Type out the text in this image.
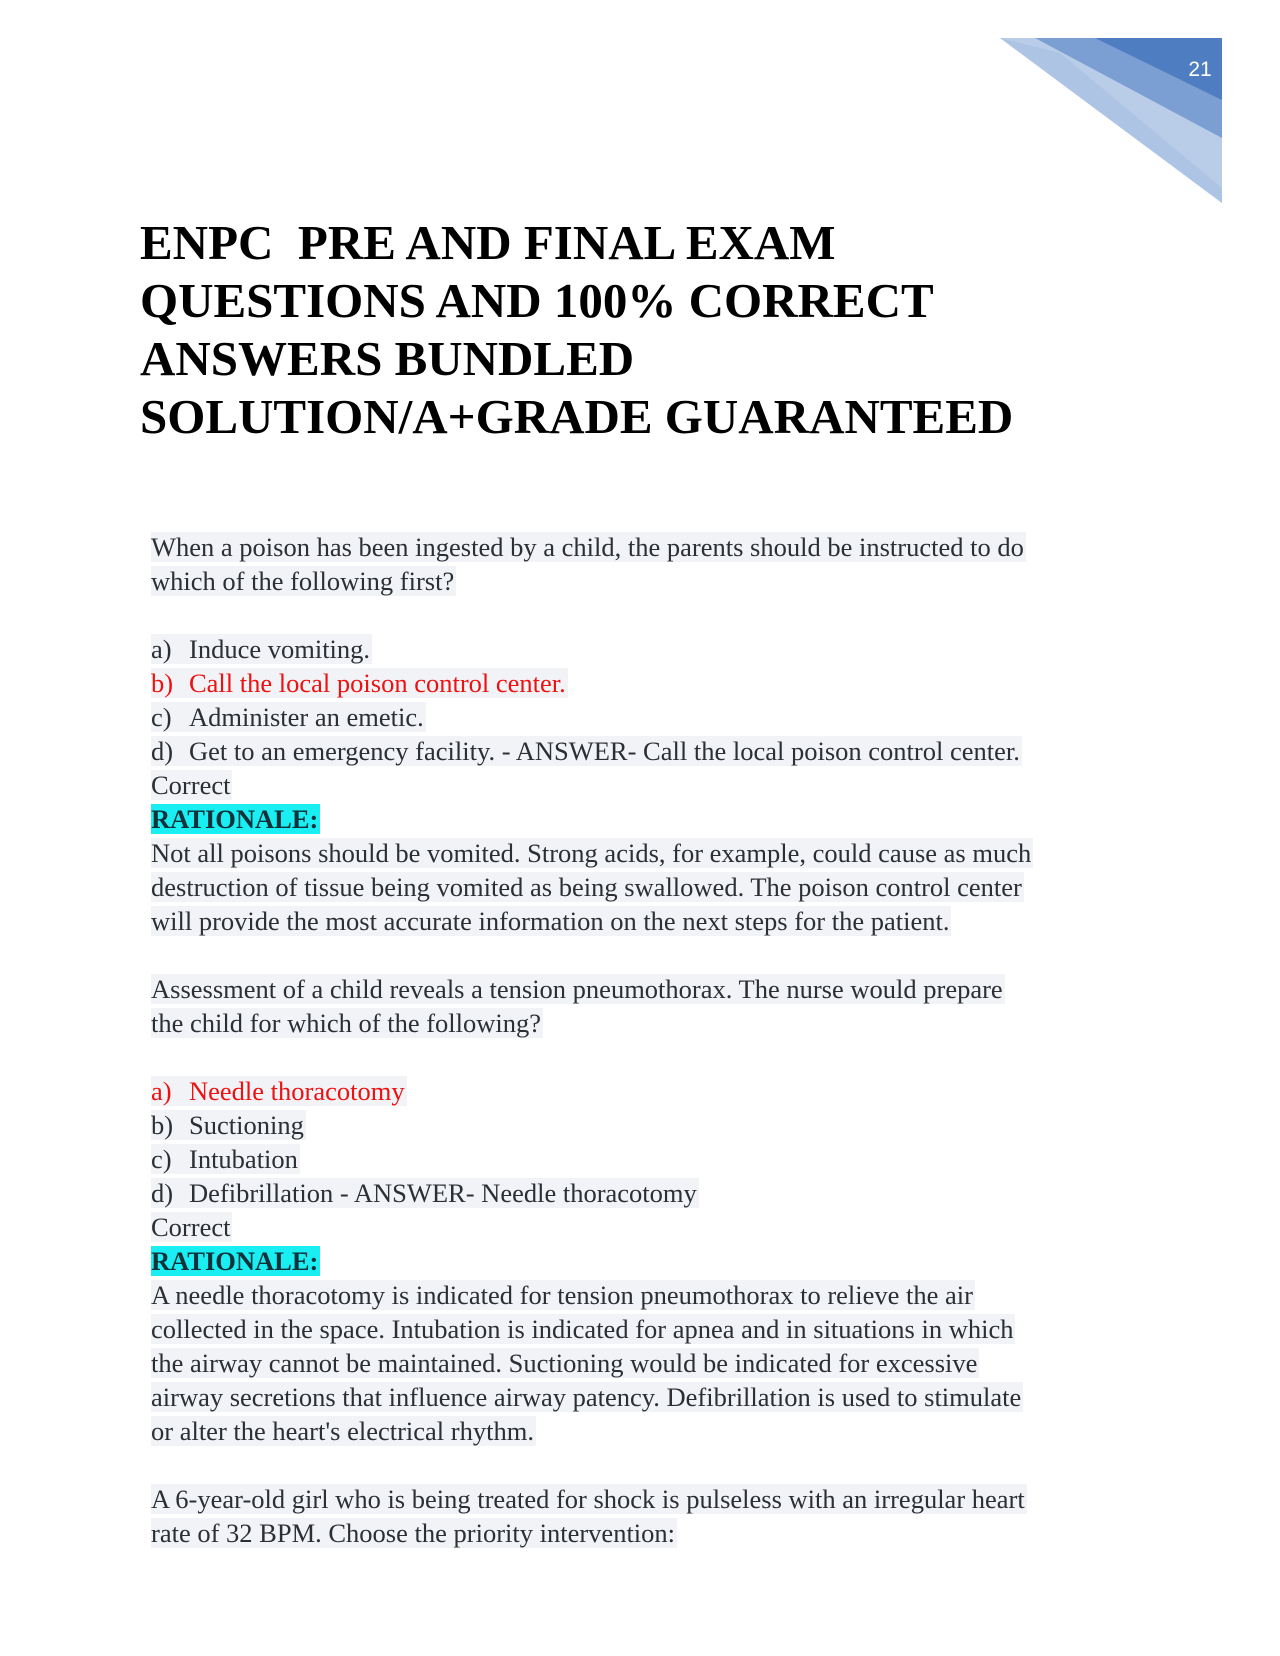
21
ENPC  PRE AND FINAL EXAM
QUESTIONS AND 100% CORRECT
ANSWERS BUNDLED
SOLUTION/A+GRADE GUARANTEED
When a poison has been ingested by a child, the parents should be instructed to do
which of the following first?
a) Induce vomiting.
b) Call the local poison control center.
c) Administer an emetic.
d) Get to an emergency facility. - ANSWER- Call the local poison control center.
Correct
RATIONALE:
Not all poisons should be vomited. Strong acids, for example, could cause as much
destruction of tissue being vomited as being swallowed. The poison control center
will provide the most accurate information on the next steps for the patient.
Assessment of a child reveals a tension pneumothorax. The nurse would prepare
the child for which of the following?
a) Needle thoracotomy
b) Suctioning
c) Intubation
d) Defibrillation - ANSWER- Needle thoracotomy
Correct
RATIONALE:
A needle thoracotomy is indicated for tension pneumothorax to relieve the air
collected in the space. Intubation is indicated for apnea and in situations in which
the airway cannot be maintained. Suctioning would be indicated for excessive
airway secretions that influence airway patency. Defibrillation is used to stimulate
or alter the heart's electrical rhythm.
A 6-year-old girl who is being treated for shock is pulseless with an irregular heart
rate of 32 BPM. Choose the priority intervention:
